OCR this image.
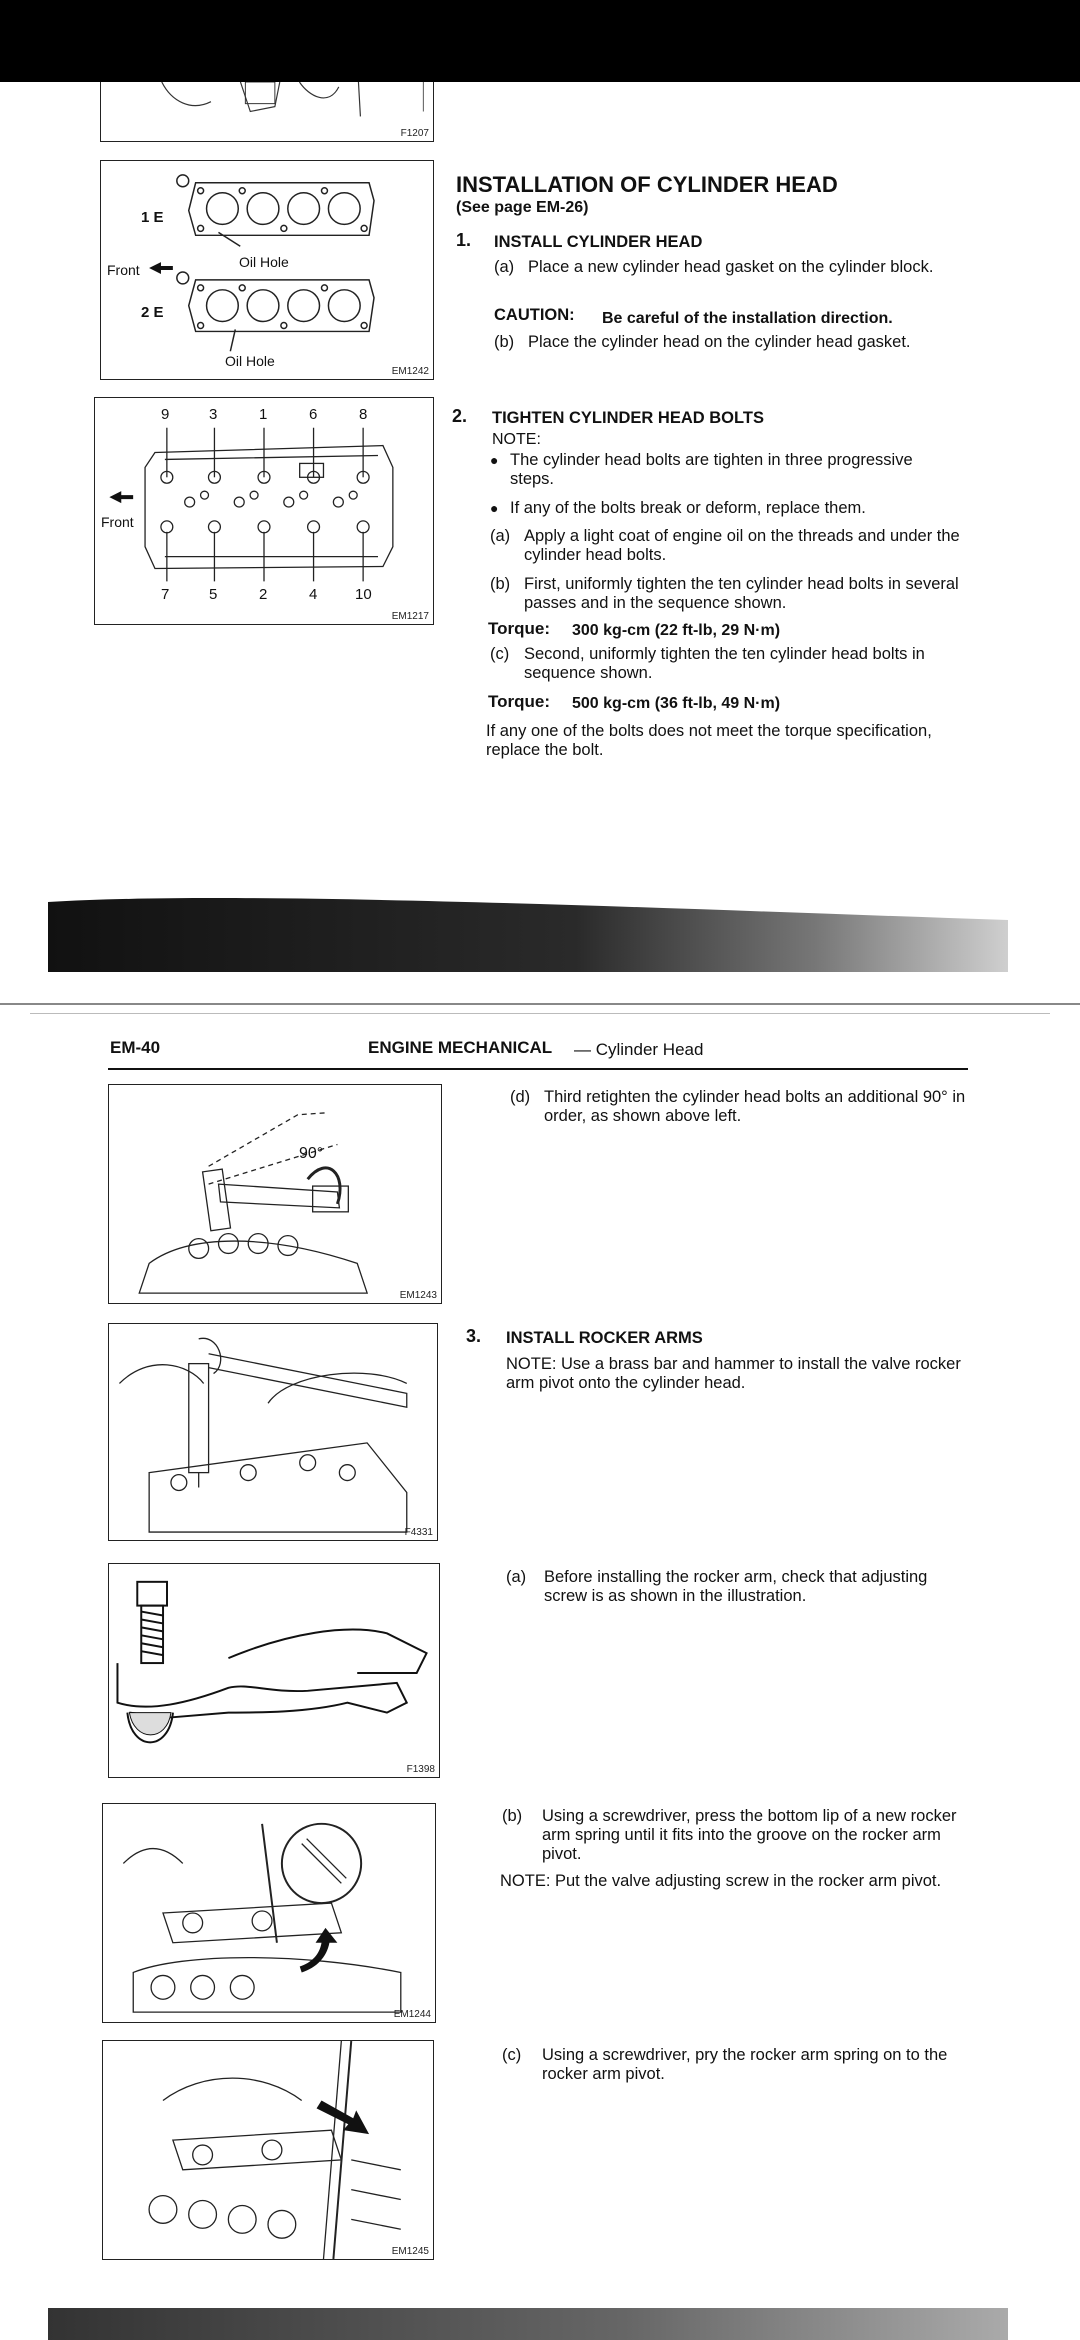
F1207
1 E
2 E
Front	Oil Hole
Oil Hole
EM1242
9	3	1	6	8
7	5	2	4	10
Front
EM1217
INSTALLATION OF CYLINDER HEAD
(See page EM-26)
1. INSTALL CYLINDER HEAD
(a) Place a new cylinder head gasket on the cylinder block.
CAUTION: Be careful of the installation direction.
(b) Place the cylinder head on the cylinder head gasket.
2. TIGHTEN CYLINDER HEAD BOLTS
NOTE:
● The cylinder head bolts are tighten in three progressive steps.
● If any of the bolts break or deform, replace them.
(a) Apply a light coat of engine oil on the threads and under the cylinder head bolts.
(b) First, uniformly tighten the ten cylinder head bolts in several passes and in the sequence shown.
Torque: 300 kg-cm (22 ft-lb, 29 N·m)
(c) Second, uniformly tighten the ten cylinder head bolts in sequence shown.
Torque: 500 kg-cm (36 ft-lb, 49 N·m)
If any one of the bolts does not meet the torque specification, replace the bolt.
EM-40	ENGINE MECHANICAL — Cylinder Head
90°
EM1243
F4331
F1398
EM1244
EM1245
(d) Third retighten the cylinder head bolts an additional 90° in order, as shown above left.
3. INSTALL ROCKER ARMS
NOTE: Use a brass bar and hammer to install the valve rocker arm pivot onto the cylinder head.
(a) Before installing the rocker arm, check that adjusting screw is as shown in the illustration.
(b) Using a screwdriver, press the bottom lip of a new rocker arm spring until it fits into the groove on the rocker arm pivot.
NOTE: Put the valve adjusting screw in the rocker arm pivot.
(c) Using a screwdriver, pry the rocker arm spring on to the rocker arm pivot.
